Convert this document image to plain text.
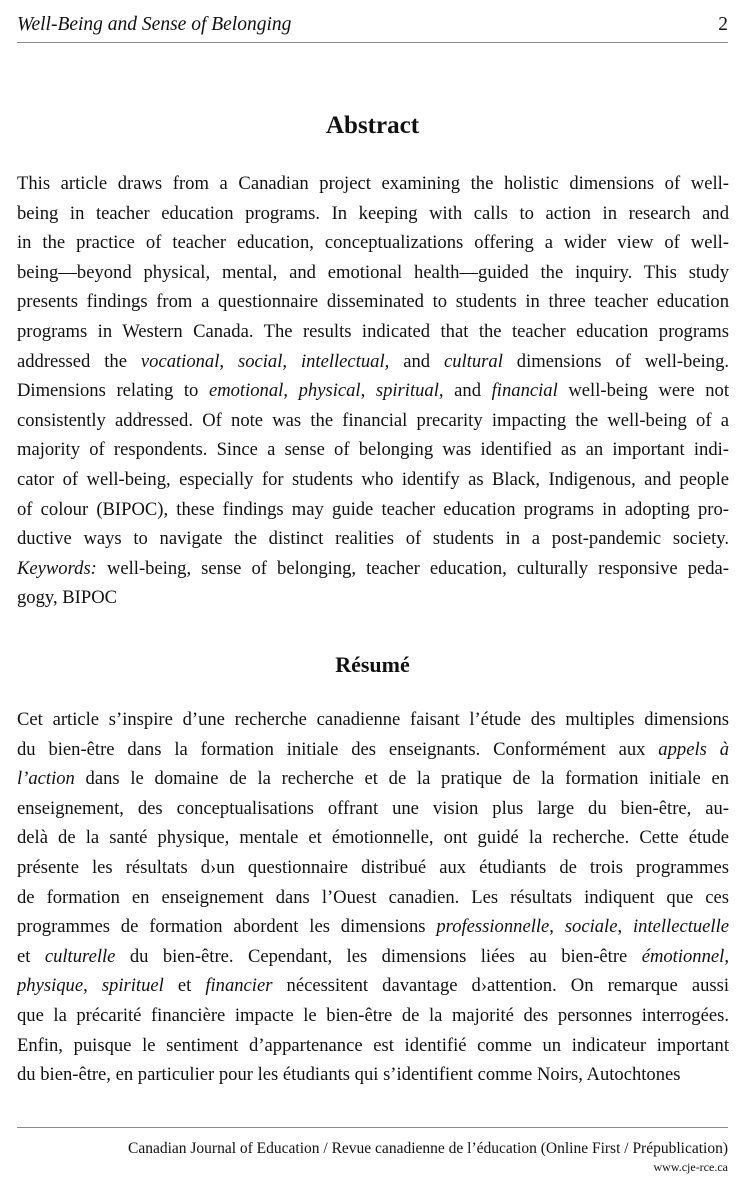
Well-Being and Sense of Belonging	2
Abstract

This article draws from a Canadian project examining the holistic dimensions of well-
being in teacher education programs. In keeping with calls to action in research and
in the practice of teacher education, conceptualizations offering a wider view of well-
being—beyond physical, mental, and emotional health—guided the inquiry. This study
presents findings from a questionnaire disseminated to students in three teacher education
programs in Western Canada. The results indicated that the teacher education programs
addressed the vocational, social, intellectual, and cultural dimensions of well-being.
Dimensions relating to emotional, physical, spiritual, and financial well-being were not
consistently addressed. Of note was the financial precarity impacting the well-being of a
majority of respondents. Since a sense of belonging was identified as an important indi-
cator of well-being, especially for students who identify as Black, Indigenous, and people
of colour (BIPOC), these findings may guide teacher education programs in adopting pro-
ductive ways to navigate the distinct realities of students in a post-pandemic society.
Keywords: well-being, sense of belonging, teacher education, culturally responsive peda-
gogy, BIPOC

Résumé

Cet article s’inspire d’une recherche canadienne faisant l’étude des multiples dimensions
du bien-être dans la formation initiale des enseignants. Conformément aux appels à
l’action dans le domaine de la recherche et de la pratique de la formation initiale en
enseignement, des conceptualisations offrant une vision plus large du bien-être, au-
delà de la santé physique, mentale et émotionnelle, ont guidé la recherche. Cette étude
présente les résultats d›un questionnaire distribué aux étudiants de trois programmes
de formation en enseignement dans l’Ouest canadien. Les résultats indiquent que ces
programmes de formation abordent les dimensions professionnelle, sociale, intellectuelle
et culturelle du bien-être. Cependant, les dimensions liées au bien-être émotionnel,
physique, spirituel et financier nécessitent davantage d›attention. On remarque aussi
que la précarité financière impacte le bien-être de la majorité des personnes interrogées.
Enfin, puisque le sentiment d’appartenance est identifié comme un indicateur important
du bien-être, en particulier pour les étudiants qui s’identifient comme Noirs, Autochtones

Canadian Journal of Education / Revue canadienne de l’éducation (Online First / Prépublication)
www.cje-rce.ca
